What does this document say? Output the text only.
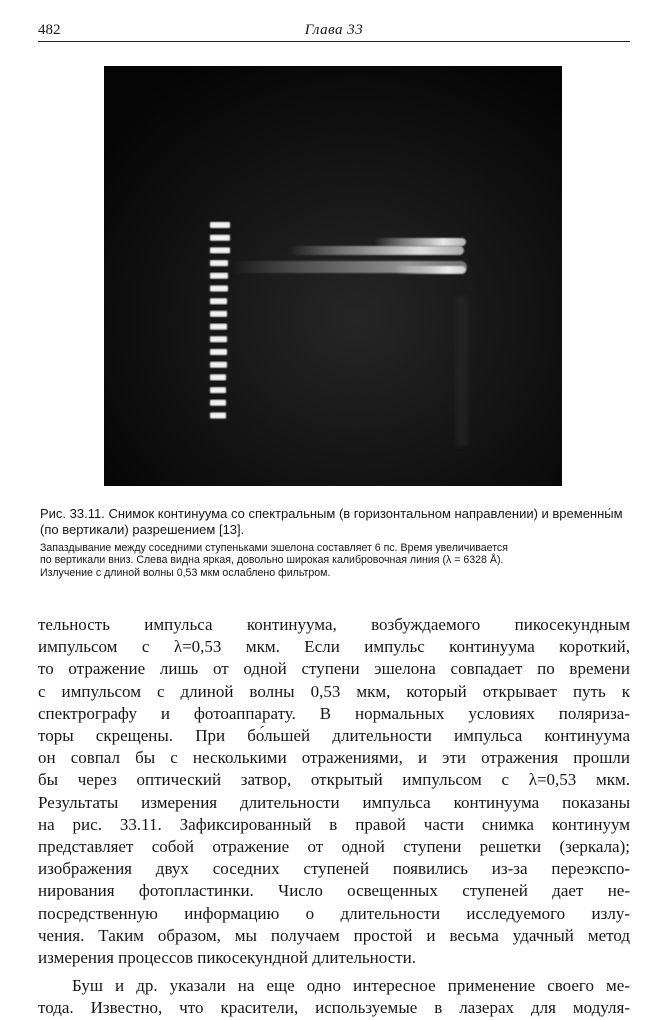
482	Глава 33

Рис. 33.11. Снимок континуума со спектральным (в горизонтальном направлении) и временны́м (по вертикали) разрешением [13].

Запаздывание между соседними ступеньками эшелона составляет 6 пс. Время увеличивается
по вертикали вниз. Слева видна яркая, довольно широкая калибровочная линия (λ = 6328 Å).
Излучение с длиной волны 0,53 мкм ослаблено фильтром.

тельность импульса континуума, возбуждаемого пикосекундным
импульсом с λ=0,53 мкм. Если импульс континуума короткий,
то отражение лишь от одной ступени эшелона совпадает по времени
с импульсом с длиной волны 0,53 мкм, который открывает путь к
спектрографу и фотоаппарату. В нормальных условиях поляриза-
торы скрещены. При бо́льшей длительности импульса континуума
он совпал бы с несколькими отражениями, и эти отражения прошли
бы через оптический затвор, открытый импульсом с λ=0,53 мкм.
Результаты измерения длительности импульса континуума показаны
на рис. 33.11. Зафиксированный в правой части снимка континуум
представляет собой отражение от одной ступени решетки (зеркала);
изображения двух соседних ступеней появились из-за переэкспо-
нирования фотопластинки. Число освещенных ступеней дает не-
посредственную информацию о длительности исследуемого излу-
чения. Таким образом, мы получаем простой и весьма удачный метод
измерения процессов пикосекундной длительности.
Буш и др. указали на еще одно интересное применение своего ме-
тода. Известно, что красители, используемые в лазерах для модуля-
